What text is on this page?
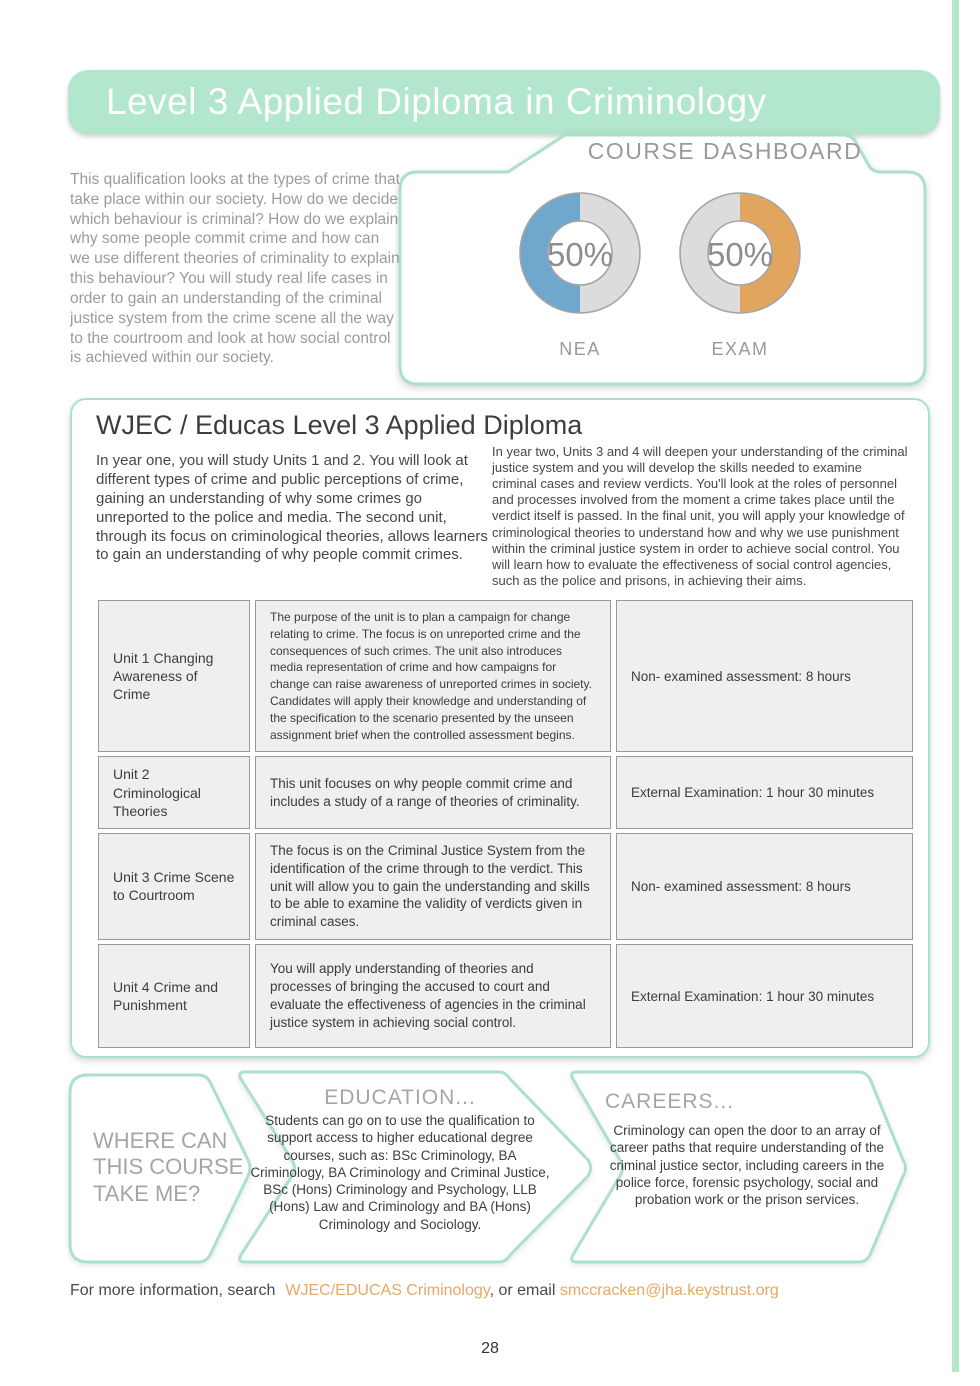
Level 3 Applied Diploma in Criminology

This qualification looks at the types of crime that take place within our society. How do we decide which behaviour is criminal? How do we explain why some people commit crime and how can we use different theories of criminality to explain this behaviour? You will study real life cases in order to gain an understanding of the criminal justice system from the crime scene all the way to the courtroom and look at how social control is achieved within our society.

COURSE DASHBOARD
50%
NEA
50%
EXAM
WJEC / Educas Level 3 Applied Diploma

In year one, you will study Units 1 and 2. You will look at different types of crime and public perceptions of crime, gaining an understanding of why some crimes go unreported to the police and media. The second unit, through its focus on criminological theories, allows learners to gain an understanding of why people commit crimes.

In year two, Units 3 and 4 will deepen your understanding of the criminal justice system and you will develop the skills needed to examine criminal cases and review verdicts. You'll look at the roles of personnel and processes involved from the moment a crime takes place until the verdict itself is passed. In the final unit, you will apply your knowledge of criminological theories to understand how and why we use punishment within the criminal justice system in order to achieve social control. You will learn how to evaluate the effectiveness of social control agencies, such as the police and prisons, in achieving their aims.

Unit 1 Changing Awareness of Crime	The purpose of the unit is to plan a campaign for change relating to crime. The focus is on unreported crime and the consequences of such crimes. The unit also introduces media representation of crime and how campaigns for change can raise awareness of unreported crimes in society. Candidates will apply their knowledge and understanding of the specification to the scenario presented by the unseen assignment brief when the controlled assessment begins.	Non- examined assessment: 8 hours
Unit 2 Criminological Theories	This unit focuses on why people commit crime and includes a study of a range of theories of criminality.	External Examination: 1 hour 30 minutes
Unit 3 Crime Scene to Courtroom	The focus is on the Criminal Justice System from the identification of the crime through to the verdict. This unit will allow you to gain the understanding and skills to be able to examine the validity of verdicts given in criminal cases.	Non- examined assessment: 8 hours
Unit 4 Crime and Punishment	You will apply understanding of theories and processes of bringing the accused to court and evaluate the effectiveness of agencies in the criminal justice system in achieving social control.	External Examination: 1 hour 30 minutes
WHERE CAN THIS COURSE TAKE ME?
EDUCATION...
Students can go on to use the qualification to support access to higher educational degree courses, such as: BSc Criminology, BA Criminology, BA Criminology and Criminal Justice, BSc (Hons) Criminology and Psychology, LLB (Hons) Law and Criminology and BA (Hons) Criminology and Sociology.
CAREERS...
Criminology can open the door to an array of career paths that require understanding of the criminal justice sector, including careers in the police force, forensic psychology, social and probation work or the prison services.
For more information, search WJEC/EDUCAS Criminology, or email smccracken@jha.keystrust.org
28
